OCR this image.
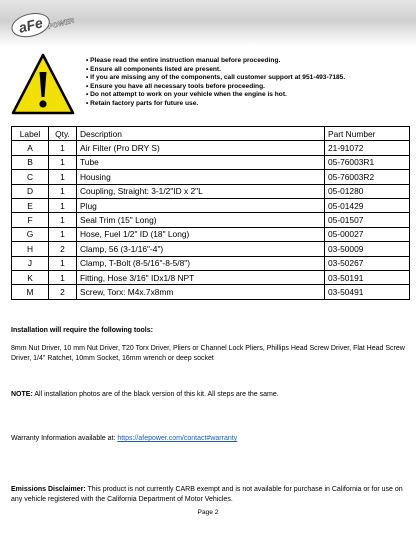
aFe POWER
• Please read the entire instruction manual before proceeding.
• Ensure all components listed are present.
• If you are missing any of the components, call customer support at 951-493-7185.
• Ensure you have all necessary tools before proceeding.
• Do not attempt to work on your vehicle when the engine is hot.
• Retain factory parts for future use.
Label	Qty.	Description	Part Number
A	1	Air Filter (Pro DRY S)	21-91072
B	1	Tube	05-76003R1
C	1	Housing	05-76003R2
D	1	Coupling, Straight: 3-1/2"ID x 2"L	05-01280
E	1	Plug	05-01429
F	1	Seal Trim (15" Long)	05-01507
G	1	Hose, Fuel 1/2" ID (18" Long)	05-00027
H	2	Clamp, 56 (3-1/16"-4")	03-50009
J	1	Clamp, T-Bolt (8-5/16"-8-5/8")	03-50267
K	1	Fitting, Hose 3/16" IDx1/8 NPT	03-50191
M	2	Screw, Torx: M4x.7x8mm	03-50491
Installation will require the following tools:
8mm Nut Driver, 10 mm Nut Driver, T20 Torx Driver, Pliers or Channel Lock Pliers, Phillips Head Screw Driver, Flat Head Screw Driver, 1/4" Ratchet, 10mm Socket, 16mm wrench or deep socket
NOTE: All installation photos are of the black version of this kit. All steps are the same.
Warranty Information available at: https://afepower.com/contact#warranty
Emissions Disclaimer: This product is not currently CARB exempt and is not available for purchase in California or for use on any vehicle registered with the California Department of Motor Vehicles.
Page 2
